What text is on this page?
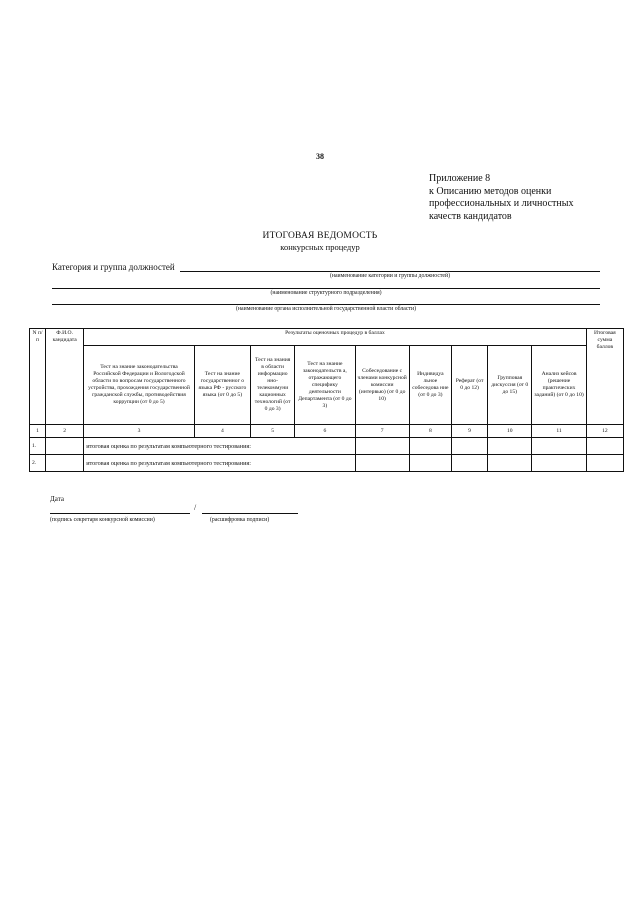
38
Приложение 8
к Описанию методов оценки
профессиональных и личностных
качеств кандидатов
ИТОГОВАЯ ВЕДОМОСТЬ
конкурсных процедур
Категория и группа должностей
(наименование категории и группы должностей)
(наименование структурного подразделения)
(наименование органа исполнительной государственной власти области)
N п/п	Ф.И.О. кандидата	Результаты оценочных процедур в баллах									Итоговая сумма баллов
		Тест на знание законодательства Российской Федерации и Вологодской области по вопросам государственного устройства, прохождения государственной гражданской службы, противодействия коррупции (от 0 до 5)	Тест на знание государственног о языка РФ - русского языка (от 0 до 5)	Тест на знания в области информацио нно-телекоммуни кационных технологий (от 0 до 3)	Тест на знание законодательств а, отражающего специфику деятельности Департамента (от 0 до 3)	Собеседование с членами конкурсной комиссии (интервью) (от 0 до 10)	Индивидуа льное собеседова ние (от 0 до 3)	Реферат (от 0 до 12)	Групповая дискуссия (от 0 до 15)	Анализ кейсов (решение практических заданий) (от 0 до 10)	
1	2	3	4	5	6	7	8	9	10	11	12
1.		итоговая оценка по результатам компьютерного тестирования:									
2.		итоговая оценка по результатам компьютерного тестирования:									
Дата
/
(подпись секретаря конкурсной комиссии)	(расшифровка подписи)
